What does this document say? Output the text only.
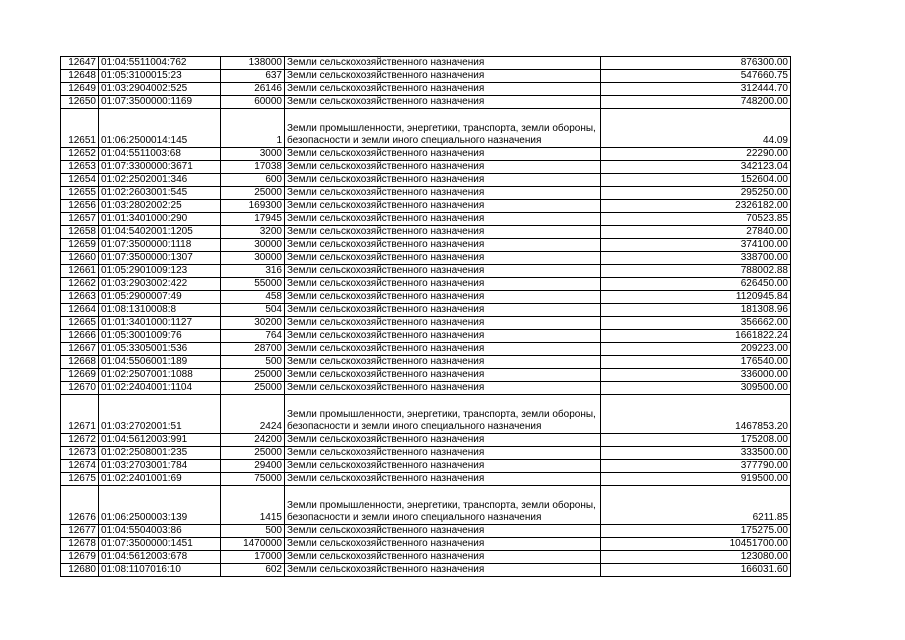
12647	01:04:5511004:762	138000	Земли сельскохозяйственного назначения	876300.00
12648	01:05:3100015:23	637	Земли сельскохозяйственного назначения	547660.75
12649	01:03:2904002:525	26146	Земли сельскохозяйственного назначения	312444.70
12650	01:07:3500000:1169	60000	Земли сельскохозяйственного назначения	748200.00
12651	01:06:2500014:145	1	Земли промышленности, энергетики, транспорта, земли обороны, безопасности и земли иного специального назначения	44.09
12652	01:04:5511003:68	3000	Земли сельскохозяйственного назначения	22290.00
12653	01:07:3300000:3671	17038	Земли сельскохозяйственного назначения	342123.04
12654	01:02:2502001:346	600	Земли сельскохозяйственного назначения	152604.00
12655	01:02:2603001:545	25000	Земли сельскохозяйственного назначения	295250.00
12656	01:03:2802002:25	169300	Земли сельскохозяйственного назначения	2326182.00
12657	01:01:3401000:290	17945	Земли сельскохозяйственного назначения	70523.85
12658	01:04:5402001:1205	3200	Земли сельскохозяйственного назначения	27840.00
12659	01:07:3500000:1118	30000	Земли сельскохозяйственного назначения	374100.00
12660	01:07:3500000:1307	30000	Земли сельскохозяйственного назначения	338700.00
12661	01:05:2901009:123	316	Земли сельскохозяйственного назначения	788002.88
12662	01:03:2903002:422	55000	Земли сельскохозяйственного назначения	626450.00
12663	01:05:2900007:49	458	Земли сельскохозяйственного назначения	1120945.84
12664	01:08:1310008:8	504	Земли сельскохозяйственного назначения	181308.96
12665	01:01:3401000:1127	30200	Земли сельскохозяйственного назначения	356662.00
12666	01:05:3001009:76	764	Земли сельскохозяйственного назначения	1661822.24
12667	01:05:3305001:536	28700	Земли сельскохозяйственного назначения	209223.00
12668	01:04:5506001:189	500	Земли сельскохозяйственного назначения	176540.00
12669	01:02:2507001:1088	25000	Земли сельскохозяйственного назначения	336000.00
12670	01:02:2404001:1104	25000	Земли сельскохозяйственного назначения	309500.00
12671	01:03:2702001:51	2424	Земли промышленности, энергетики, транспорта, земли обороны, безопасности и земли иного специального назначения	1467853.20
12672	01:04:5612003:991	24200	Земли сельскохозяйственного назначения	175208.00
12673	01:02:2508001:235	25000	Земли сельскохозяйственного назначения	333500.00
12674	01:03:2703001:784	29400	Земли сельскохозяйственного назначения	377790.00
12675	01:02:2401001:69	75000	Земли сельскохозяйственного назначения	919500.00
12676	01:06:2500003:139	1415	Земли промышленности, энергетики, транспорта, земли обороны, безопасности и земли иного специального назначения	6211.85
12677	01:04:5504003:86	500	Земли сельскохозяйственного назначения	175275.00
12678	01:07:3500000:1451	1470000	Земли сельскохозяйственного назначения	10451700.00
12679	01:04:5612003:678	17000	Земли сельскохозяйственного назначения	123080.00
12680	01:08:1107016:10	602	Земли сельскохозяйственного назначения	166031.60
